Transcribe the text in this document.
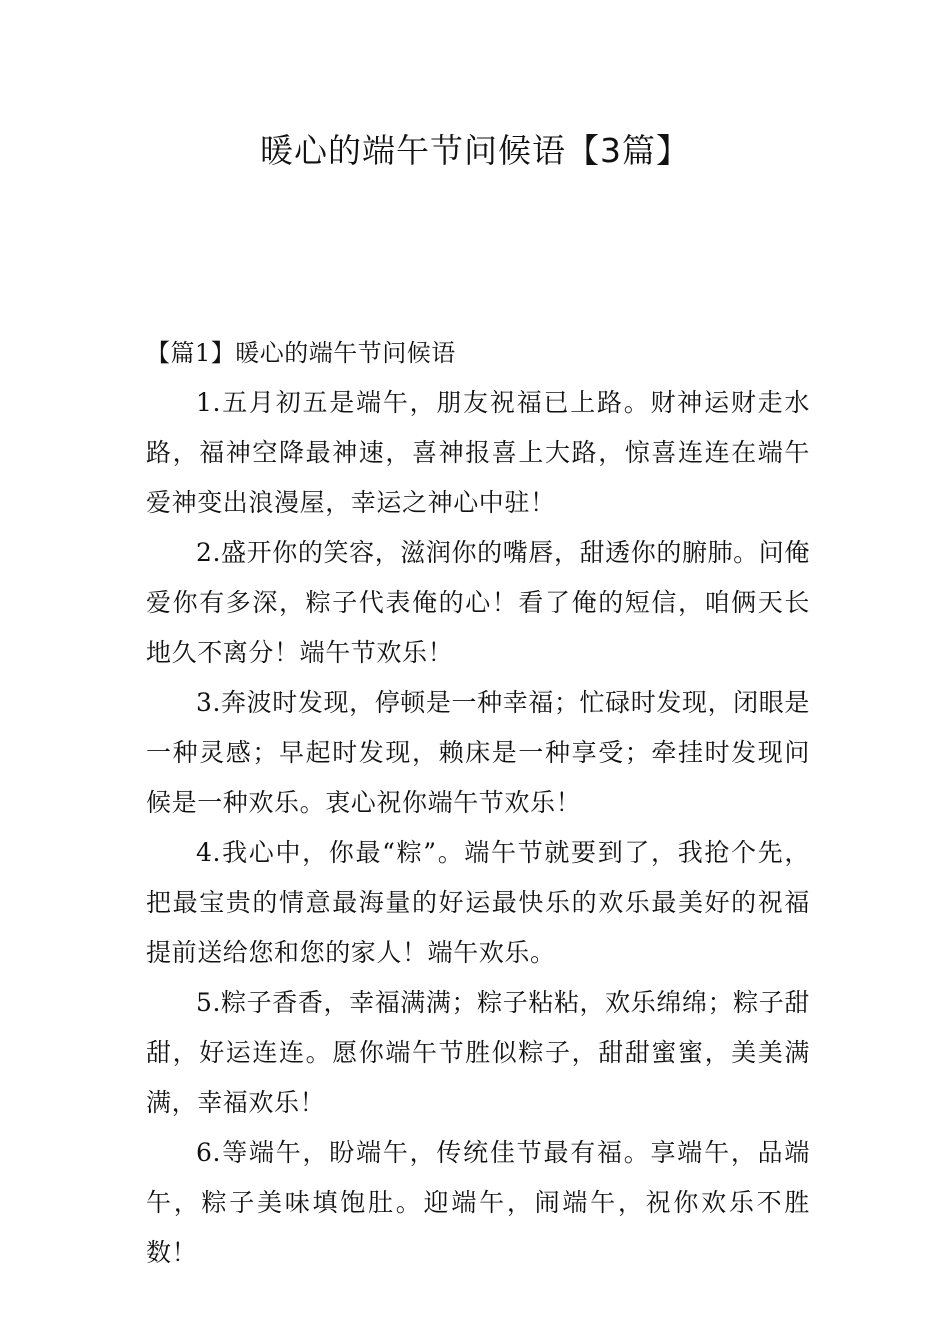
暖心的端午节问候语【3篇】
【篇1】暖心的端午节问候语

1.五月初五是端午，朋友祝福已上路。财神运财走水路，福神空降最神速，喜神报喜上大路，惊喜连连在端午爱神变出浪漫屋，幸运之神心中驻！

2.盛开你的笑容，滋润你的嘴唇，甜透你的腑肺。问俺爱你有多深，粽子代表俺的心！看了俺的短信，咱俩天长地久不离分！端午节欢乐！

3.奔波时发现，停顿是一种幸福；忙碌时发现，闭眼是一种灵感；早起时发现，赖床是一种享受；牵挂时发现问候是一种欢乐。衷心祝你端午节欢乐！

4.我心中，你最“粽”。端午节就要到了，我抢个先，把最宝贵的情意最海量的好运最快乐的欢乐最美好的祝福提前送给您和您的家人！端午欢乐。

5.粽子香香，幸福满满；粽子粘粘，欢乐绵绵；粽子甜甜，好运连连。愿你端午节胜似粽子，甜甜蜜蜜，美美满满，幸福欢乐！

6.等端午，盼端午，传统佳节最有福。享端午，品端午，粽子美味填饱肚。迎端午，闹端午，祝你欢乐不胜数！
